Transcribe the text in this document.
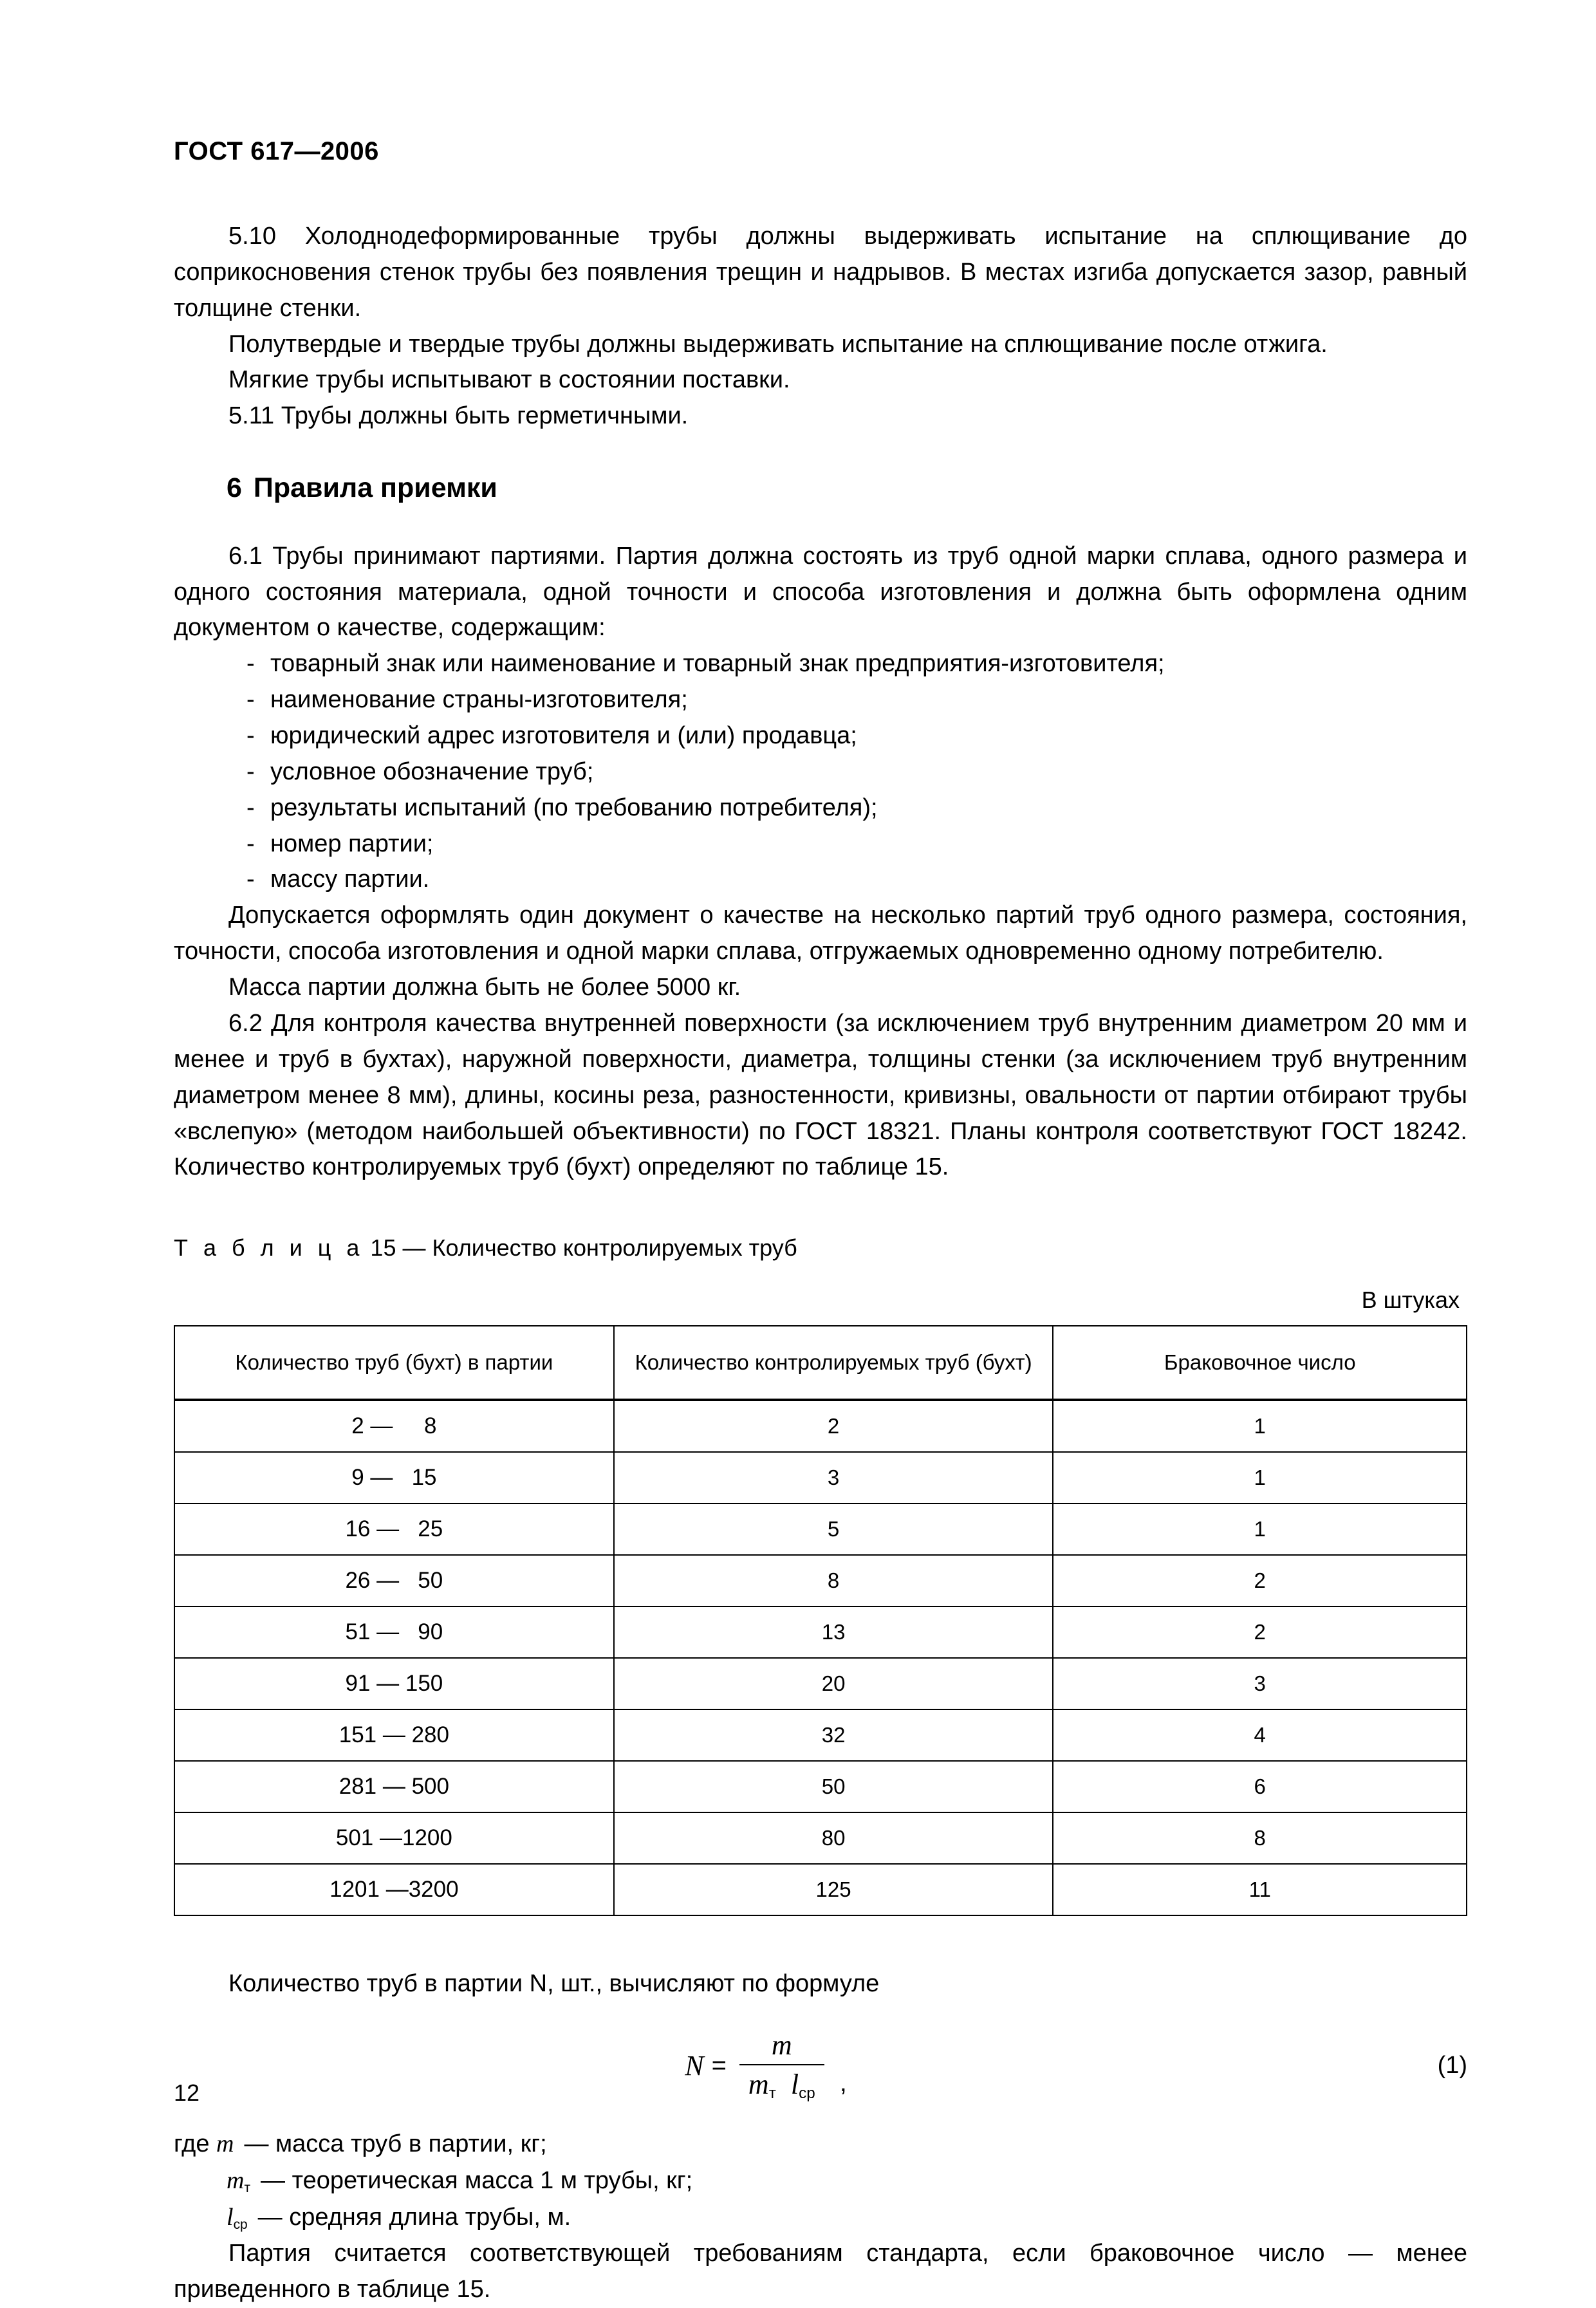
ГОСТ 617—2006

5.10 Холоднодеформированные трубы должны выдерживать испытание на сплющивание до соприкосновения стенок трубы без появления трещин и надрывов. В местах изгиба допускается зазор, равный толщине стенки.

Полутвердые и твердые трубы должны выдерживать испытание на сплющивание после отжига.

Мягкие трубы испытывают в состоянии поставки.

5.11 Трубы должны быть герметичными.

6 Правила приемки

6.1 Трубы принимают партиями. Партия должна состоять из труб одной марки сплава, одного размера и одного состояния материала, одной точности и способа изготовления и должна быть оформлена одним документом о качестве, содержащим:

- товарный знак или наименование и товарный знак предприятия-изготовителя;
- наименование страны-изготовителя;
- юридический адрес изготовителя и (или) продавца;
- условное обозначение труб;
- результаты испытаний (по требованию потребителя);
- номер партии;
- массу партии.

Допускается оформлять один документ о качестве на несколько партий труб одного размера, состояния, точности, способа изготовления и одной марки сплава, отгружаемых одновременно одному потребителю.

Масса партии должна быть не более 5000 кг.

6.2 Для контроля качества внутренней поверхности (за исключением труб внутренним диаметром 20 мм и менее и труб в бухтах), наружной поверхности, диаметра, толщины стенки (за исключением труб внутренним диаметром менее 8 мм), длины, косины реза, разностенности, кривизны, овальности от партии отбирают трубы «вслепую» (методом наибольшей объективности) по ГОСТ 18321. Планы контроля соответствуют ГОСТ 18242. Количество контролируемых труб (бухт) определяют по таблице 15.

Т а б л и ц а 15 — Количество контролируемых труб
В штуках
Количество труб (бухт) в партии	Количество контролируемых труб (бухт)	Браковочное число
2 —     8	2	1
9 —   15	3	1
16 —   25	5	1
26 —   50	8	2
51 —   90	13	2
91 — 150	20	3
151 — 280	32	4
281 — 500	50	6
501 —1200	80	8
1201 —3200	125	11

Количество труб в партии N, шт., вычисляют по формуле

$N = \frac{m}{m_т l_{ср}}$ ,
(1)
где m — масса труб в партии, кг;
$m_т$ — теоретическая масса 1 м трубы, кг;
$l_{ср}$ — средняя длина трубы, м.

Партия считается соответствующей требованиям стандарта, если браковочное число — менее приведенного в таблице 15.

12
